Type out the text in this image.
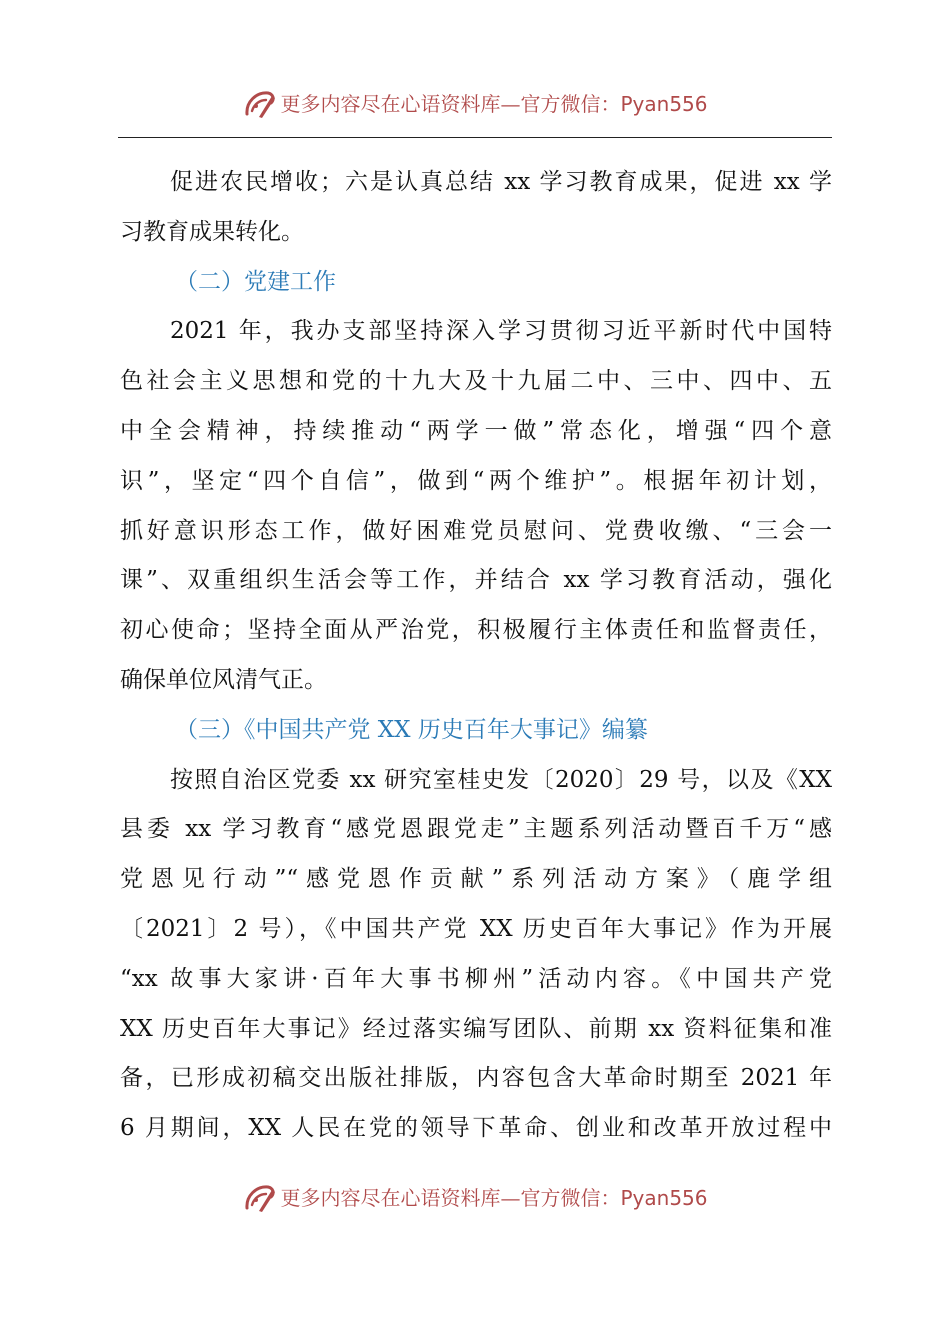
更多内容尽在心语资料库—官方微信：Pyan556
促进农民增收；六是认真总结 xx 学习教育成果，促进 xx 学
习教育成果转化。
（二）党建工作
2021 年，我办支部坚持深入学习贯彻习近平新时代中国特
色社会主义思想和党的十九大及十九届二中、三中、四中、五
中全会精神，持续推动“两学一做”常态化，增强“四个意
识”，坚定“四个自信”，做到“两个维护”。根据年初计划，
抓好意识形态工作，做好困难党员慰问、党费收缴、“三会一
课”、双重组织生活会等工作，并结合 xx 学习教育活动，强化
初心使命；坚持全面从严治党，积极履行主体责任和监督责任，
确保单位风清气正。
（三）《中国共产党 XX 历史百年大事记》编纂
按照自治区党委 xx 研究室桂史发〔2020〕29 号，以及《XX
县委 xx 学习教育“感党恩跟党走”主题系列活动暨百千万“感
党恩见行动”“感党恩作贡献”系列活动方案》（鹿学组
〔2021〕2 号），《中国共产党 XX 历史百年大事记》作为开展
“xx 故事大家讲·百年大事书柳州”活动内容。《中国共产党
XX 历史百年大事记》经过落实编写团队、前期 xx 资料征集和准
备，已形成初稿交出版社排版，内容包含大革命时期至 2021 年
6 月期间，XX 人民在党的领导下革命、创业和改革开放过程中
更多内容尽在心语资料库—官方微信：Pyan556
